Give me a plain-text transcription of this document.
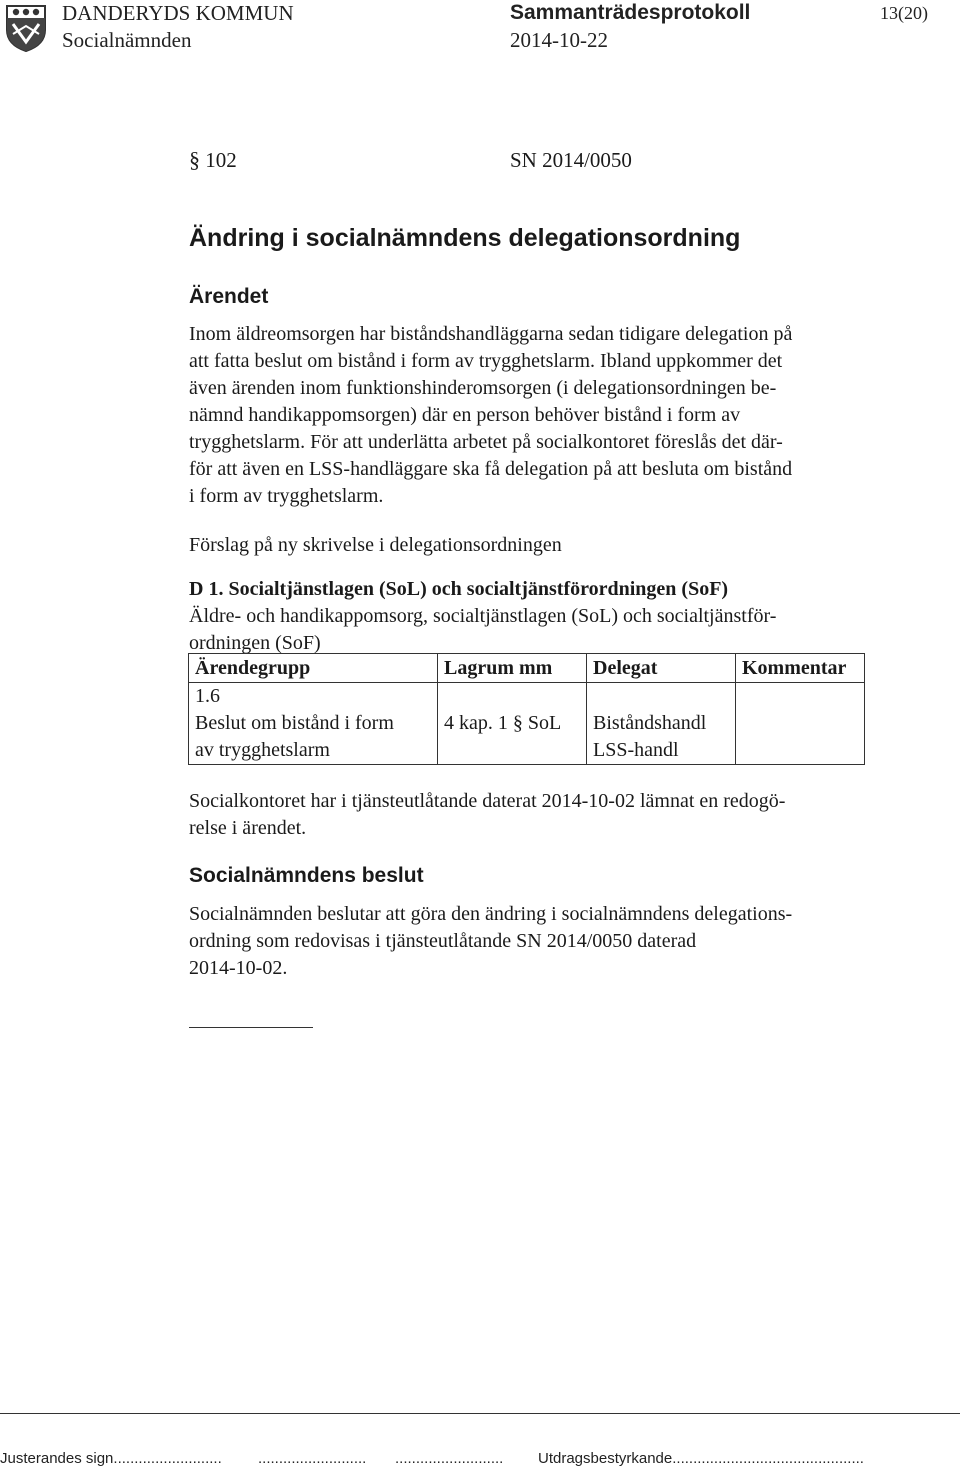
DANDERYDS KOMMUN
Socialnämnden
Sammanträdesprotokoll
2014-10-22
13(20)
§ 102	SN 2014/0050
Ändring i socialnämndens delegationsordning
Ärendet
Inom äldreomsorgen har biståndshandläggarna sedan tidigare delegation på
att fatta beslut om bistånd i form av trygghetslarm. Ibland uppkommer det
även ärenden inom funktionshinderomsorgen (i delegationsordningen be-
nämnd handikappomsorgen) där en person behöver bistånd i form av
trygghetslarm. För att underlätta arbetet på socialkontoret föreslås det där-
för att även en LSS-handläggare ska få delegation på att besluta om bistånd
i form av trygghetslarm.
Förslag på ny skrivelse i delegationsordningen
D 1. Socialtjänstlagen (SoL) och socialtjänstförordningen (SoF)
Äldre- och handikappomsorg, socialtjänstlagen (SoL) och socialtjänstför-
ordningen (SoF)
Ärendegrupp	Lagrum mm	Delegat	Kommentar

1.6
Beslut om bistånd i form
av trygghetslarm	4 kap. 1 § SoL	Biståndshandl
LSS-handl	

Socialkontoret har i tjänsteutlåtande daterat 2014-10-02 lämnat en redogö-
relse i ärendet.
Socialnämndens beslut
Socialnämnden beslutar att göra den ändring i socialnämndens delegations-
ordning som redovisas i tjänsteutlåtande SN 2014/0050 daterad
2014-10-02.
Justerandes sign.......................... .......................... .......................... Utdragsbestyrkande..............................................
